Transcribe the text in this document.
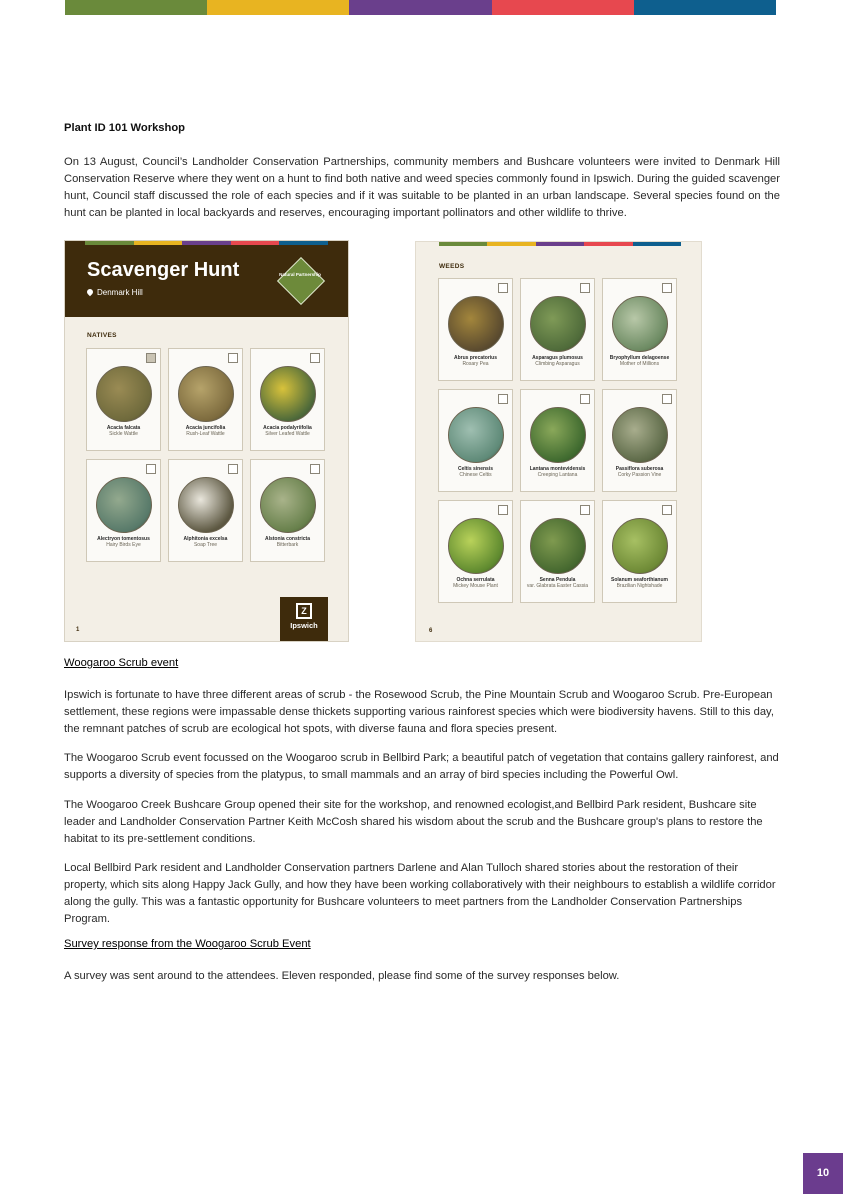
Plant ID 101 Workshop
On 13 August, Council’s Landholder Conservation Partnerships, community members and Bushcare volunteers were invited to Denmark Hill Conservation Reserve where they went on a hunt to find both native and weed species commonly found in Ipswich. During the guided scavenger hunt, Council staff discussed the role of each species and if it was suitable to be planted in an urban landscape. Several species found on the hunt can be planted in local backyards and reserves, encouraging important pollinators and other wildlife to thrive.
Scavenger Hunt
Denmark Hill
Natural Partnership
NATIVES
Acacia falcata
Sickle Wattle
Acacia juncifolia
Rush-Leaf Wattle
Acacia podalyriifolia
Silver Leafed Wattle
Alectryon tomentosus
Hairy Birds Eye
Alphitonia excelsa
Soap Tree
Alstonia constricta
Bitterbark
1
Z
Ipswich
WEEDS
Abrus precatorius
Rosary Pea
Asparagus plumosus
Climbing Asparagus
Bryophyllum delagoense
Mother of Millions
Celtis sinensis
Chinese Celtis
Lantana montevidensis
Creeping Lantana
Passiflora suberosa
Corky Passion Vine
Ochna serrulata
Mickey Mouse Plant
Senna Pendula
var. Glabrata Easter Cassia
Solanum seaforthianum
Brazilian Nightshade
6
Woogaroo Scrub event
Ipswich is fortunate to have three different areas of scrub - the Rosewood Scrub, the Pine Mountain Scrub and Woogaroo Scrub. Pre-European settlement, these regions were impassable dense thickets supporting various rainforest species which were biodiversity havens. Still to this day, the remnant patches of scrub are ecological hot spots, with diverse fauna and flora species present.
The Woogaroo Scrub event focussed on the Woogaroo scrub in Bellbird Park; a beautiful patch of vegetation that contains gallery rainforest, and supports a diversity of species from the platypus, to small mammals and an array of bird species including the Powerful Owl.
The Woogaroo Creek Bushcare Group opened their site for the workshop, and renowned ecologist,and Bellbird Park resident, Bushcare site leader and Landholder Conservation Partner Keith McCosh shared his wisdom about the scrub and the Bushcare group's plans to restore the habitat to its pre-settlement conditions.
Local Bellbird Park resident and Landholder Conservation partners Darlene and Alan Tulloch shared stories about the restoration of their property, which sits along Happy Jack Gully, and how they have been working collaboratively with their neighbours to establish a wildlife corridor along the gully. This was a fantastic opportunity for Bushcare volunteers to meet partners from the Landholder Conservation Partnerships Program.
Survey response from the Woogaroo Scrub Event
A survey was sent around to the attendees. Eleven responded, please find some of the survey responses below.
10
